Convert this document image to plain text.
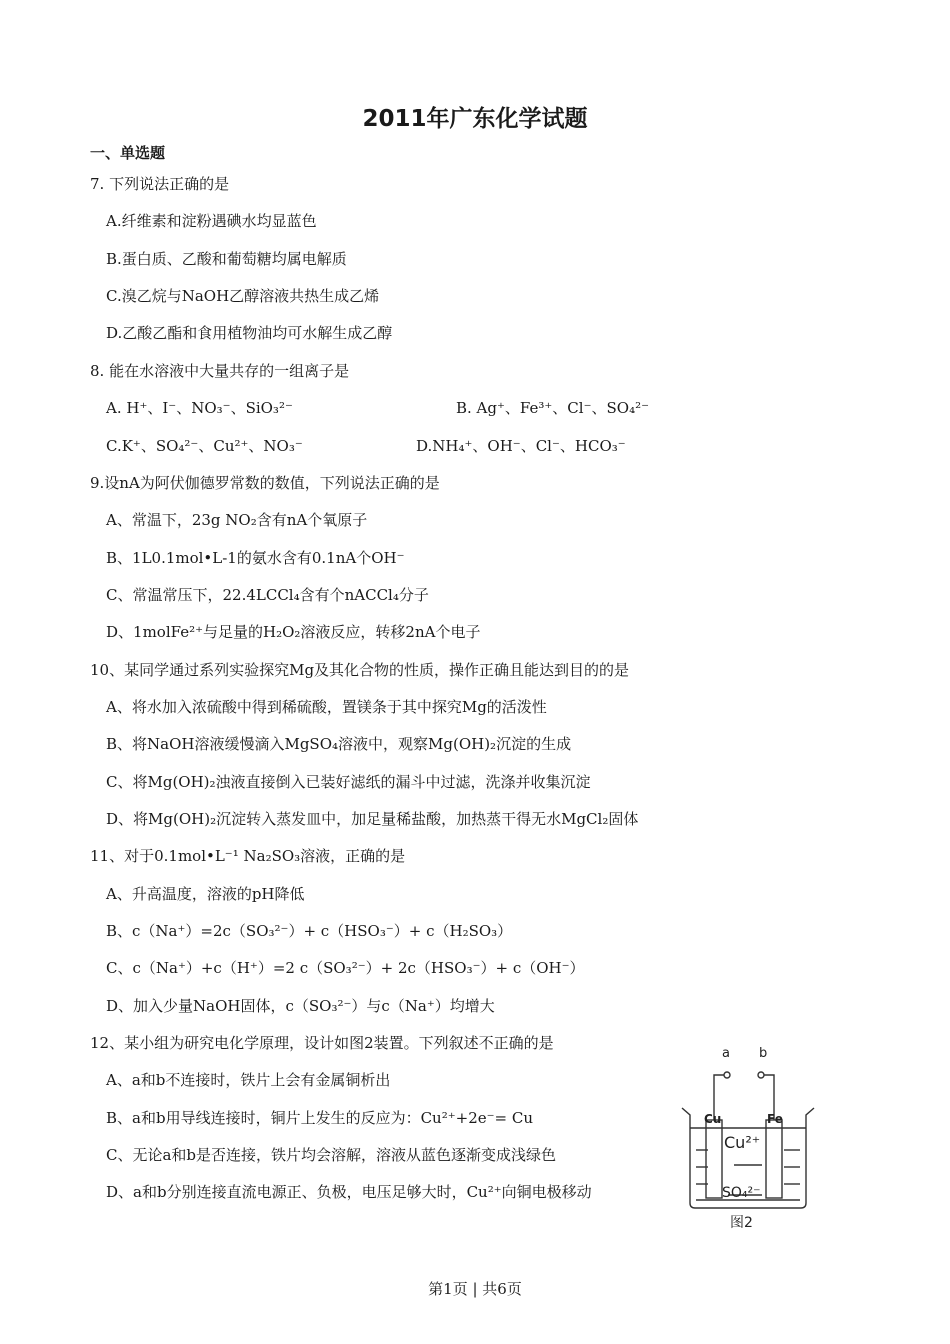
2011年广东化学试题
一、单选题
7. 下列说法正确的是
A.纤维素和淀粉遇碘水均显蓝色
B.蛋白质、乙酸和葡萄糖均属电解质
C.溴乙烷与NaOH乙醇溶液共热生成乙烯
D.乙酸乙酯和食用植物油均可水解生成乙醇
8. 能在水溶液中大量共存的一组离子是
A. H⁺、I⁻、NO₃⁻、SiO₃²⁻	B. Ag⁺、Fe³⁺、Cl⁻、SO₄²⁻
C.K⁺、SO₄²⁻、Cu²⁺、NO₃⁻	D.NH₄⁺、OH⁻、Cl⁻、HCO₃⁻
9.设nA为阿伏伽德罗常数的数值，下列说法正确的是
A、常温下，23g NO₂含有nA个氧原子
B、1L0.1mol•L-1的氨水含有0.1nA个OH⁻
C、常温常压下，22.4LCCl₄含有个nACCl₄分子
D、1molFe²⁺与足量的H₂O₂溶液反应，转移2nA个电子
10、某同学通过系列实验探究Mg及其化合物的性质，操作正确且能达到目的的是
A、将水加入浓硫酸中得到稀硫酸，置镁条于其中探究Mg的活泼性
B、将NaOH溶液缓慢滴入MgSO₄溶液中，观察Mg(OH)₂沉淀的生成
C、将Mg(OH)₂浊液直接倒入已装好滤纸的漏斗中过滤，洗涤并收集沉淀
D、将Mg(OH)₂沉淀转入蒸发皿中，加足量稀盐酸，加热蒸干得无水MgCl₂固体
11、对于0.1mol•L⁻¹ Na₂SO₃溶液，正确的是
A、升高温度，溶液的pH降低
B、c（Na⁺）=2c（SO₃²⁻）+ c（HSO₃⁻）+ c（H₂SO₃）
C、c（Na⁺）+c（H⁺）=2 c（SO₃²⁻）+ 2c（HSO₃⁻）+ c（OH⁻）
D、加入少量NaOH固体，c（SO₃²⁻）与c（Na⁺）均增大
12、某小组为研究电化学原理，设计如图2装置。下列叙述不正确的是
A、a和b不连接时，铁片上会有金属铜析出
B、a和b用导线连接时，铜片上发生的反应为：Cu²⁺+2e⁻= Cu
C、无论a和b是否连接，铁片均会溶解，溶液从蓝色逐渐变成浅绿色
D、a和b分别连接直流电源正、负极，电压足够大时，Cu²⁺向铜电极移动
a b
Cu	Fe
Cu²⁺
SO₄²⁻
图2
第1页 | 共6页
